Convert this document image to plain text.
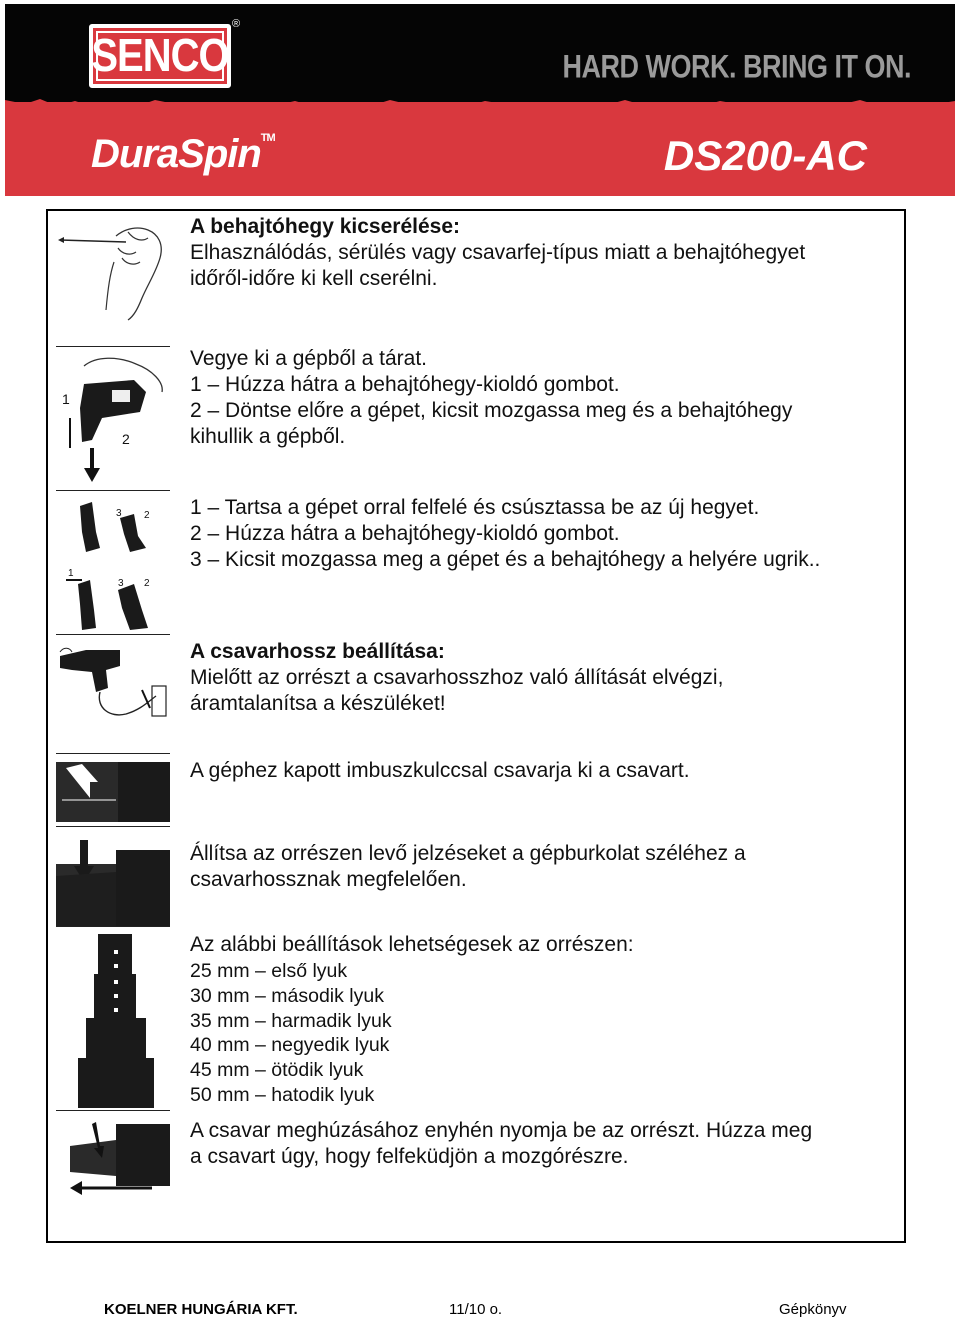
SENCO
®
HARD WORK. BRING IT ON.
DuraSpin™	DS200-AC
1
2
3 2
1
3 2
A behajtóhegy kicserélése:
Elhasználódás, sérülés vagy csavarfej-típus miatt a behajtóhegyet
időről-időre ki kell cserélni.
Vegye ki a gépből a tárat.
1 – Húzza hátra a behajtóhegy-kioldó gombot.
2 – Döntse előre a gépet, kicsit mozgassa meg és a behajtóhegy
kihullik a gépből.
1 – Tartsa a gépet orral felfelé és csúsztassa be az új hegyet.
2 – Húzza hátra a behajtóhegy-kioldó gombot.
3 – Kicsit mozgassa meg a gépet és a behajtóhegy a helyére ugrik..
A csavarhossz beállítása:
Mielőtt az orrészt a csavarhosszhoz való állítását elvégzi,
áramtalanítsa a készüléket!
A géphez kapott imbuszkulccsal csavarja ki a csavart.
Állítsa az orrészen levő jelzéseket a gépburkolat széléhez a
csavarhossznak megfelelően.
Az alábbi beállítások lehetségesek az orrészen:
25 mm – első lyuk
30 mm – második lyuk
35 mm – harmadik lyuk
40 mm – negyedik lyuk
45 mm – ötödik lyuk
50 mm – hatodik lyuk
A csavar meghúzásához enyhén nyomja be az orrészt. Húzza meg
a csavart úgy, hogy felfeküdjön a mozgórészre.
KOELNER HUNGÁRIA KFT.	11/10 o.	Gépkönyv
